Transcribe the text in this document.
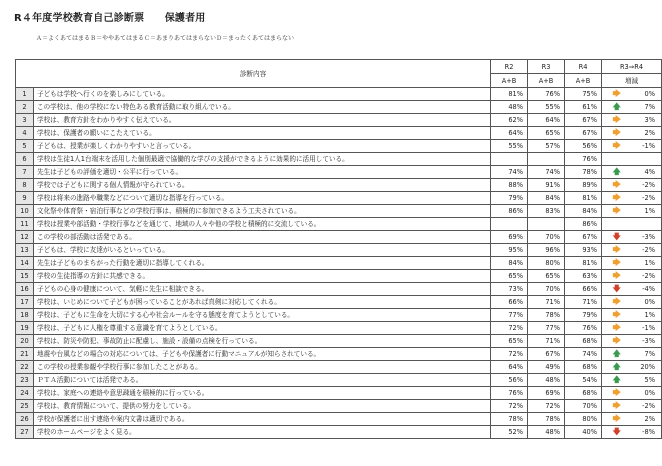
R４年度学校教育自己診断票　　保護者用
Ａ＝よくあてはまるＢ＝ややあてはまるＣ＝あまりあてはまらないＤ＝まったくあてはまらない
診断内容		R2	R3	R4	R3⇒R4	
		A+B	A+B	A+B	増減	
1	子どもは学校へ行くのを楽しみにしている。	81%	76%	75%	🡆	0%
2	この学校は、他の学校にない特色ある教育活動に取り組んでいる。	48%	55%	61%	🡅	7%
3	学校は、教育方針をわかりやすく伝えている。	62%	64%	67%	🡆	3%
4	学校は、保護者の願いにこたえている。	64%	65%	67%	🡆	2%
5	子どもは、授業が楽しくわかりやすいと言っている。	55%	57%	56%	🡆	-1%
6	学校は生徒1人1台端末を活用した個別最適で協働的な学びの支援ができるように効果的に活用している。			76%		
7	先生は子どもの評価を適切・公平に行っている。	74%	74%	78%	🡅	4%
8	学校では子どもに関する個人情報が守られている。	88%	91%	89%	🡆	-2%
9	学校は将来の進路や職業などについて適切な指導を行っている。	79%	84%	81%	🡆	-2%
10	文化祭や体育祭・宿泊行事などの学校行事は、積極的に参加できるよう工夫されている。	86%	83%	84%	🡆	1%
11	学校は授業や部活動・学校行事などを通じて、地域の人々や他の学校と積極的に交流している。			86%		
12	この学校の部活動は活発である。	69%	70%	67%	🡇	-3%
13	子どもは、学校に友達がいるといっている。	95%	96%	93%	🡆	-2%
14	先生は子どものまちがった行動を適切に指導してくれる。	84%	80%	81%	🡆	1%
15	学校の生徒指導の方針に共感できる。	65%	65%	63%	🡆	-2%
16	子どもの心身の健康について、気軽に先生に相談できる。	73%	70%	66%	🡇	-4%
17	学校は、いじめについて子どもが困っていることがあれば真剣に対応してくれる。	66%	71%	71%	🡆	0%
18	学校は、子どもに生命を大切にする心や社会ルールを守る態度を育てようとしている。	77%	78%	79%	🡆	1%
19	学校は、子どもに人権を尊重する意識を育てようとしている。	72%	77%	76%	🡆	-1%
20	学校は、防災や防犯、事故防止に配慮し、施設・設備の点検を行っている。	65%	71%	68%	🡆	-3%
21	地震や台風などの場合の対応については、子どもや保護者に行動マニュアルが知らされている。	72%	67%	74%	🡅	7%
22	この学校の授業参観や学校行事に参加したことがある。	64%	49%	68%	🡅	20%
23	ＰＴＡ活動については活発である。	56%	48%	54%	🡅	5%
24	学校は、家庭への連絡や意思疎通を積極的に行っている。	76%	69%	68%	🡆	0%
25	学校は、教育情報について、提供の努力をしている。	72%	72%	70%	🡆	-2%
26	学校が保護者に出す連絡や案内文書は適切である。	78%	78%	80%	🡆	2%
27	学校のホームページをよく見る。	52%	48%	40%	🡇	-8%
